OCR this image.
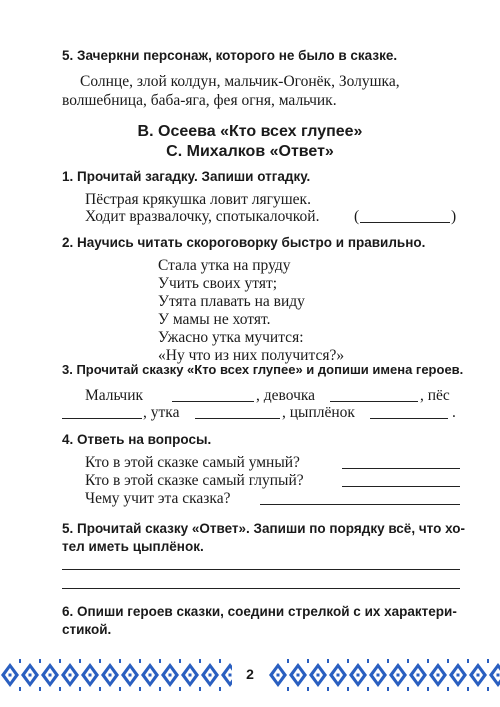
5. Зачеркни персонаж, которого не было в сказке.
Солнце, злой колдун, мальчик-Огонёк, Золушка,
волшебница, баба-яга, фея огня, мальчик.
В. Осеева «Кто всех глупее»
С. Михалков «Ответ»
1. Прочитай загадку. Запиши отгадку.
Пёстрая крякушка ловит лягушек.
Ходит вразвалочку, спотыкалочкой. (	)
2. Научись читать скороговорку быстро и правильно.
Стала утка на пруду
Учить своих утят;
Утята плавать на виду
У мамы не хотят.
Ужасно утка мучится:
«Ну что из них получится?»
3. Прочитай сказку «Кто всех глупее» и допиши имена героев.
Мальчик	, девочка	, пёс
, утка	, цыплёнок	.
4. Ответь на вопросы.
Кто в этой сказке самый умный?
Кто в этой сказке самый глупый?
Чему учит эта сказка?
5. Прочитай сказку «Ответ». Запиши по порядку всё, что хо-
тел иметь цыплёнок.
6. Опиши героев сказки, соедини стрелкой с их характери-
стикой.
2
